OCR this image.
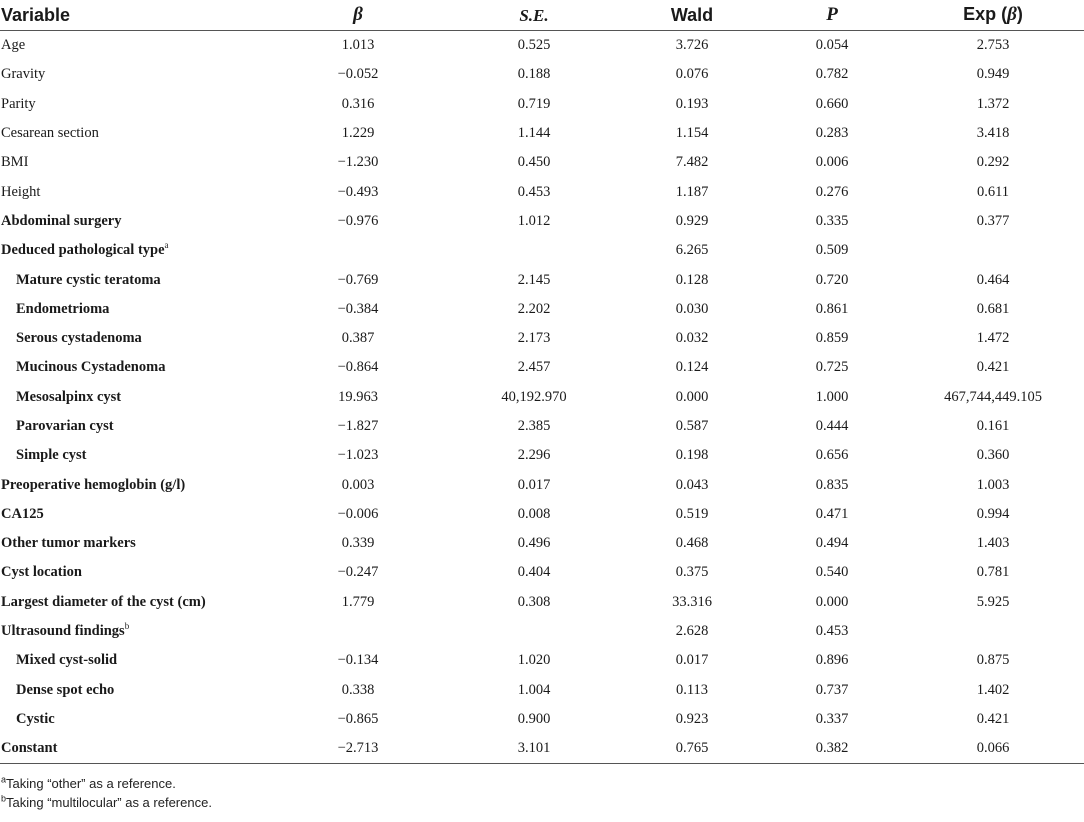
Variable	β	S.E.	Wald	P	Exp (β)
Age	1.013	0.525	3.726	0.054	2.753
Gravity	−0.052	0.188	0.076	0.782	0.949
Parity	0.316	0.719	0.193	0.660	1.372
Cesarean section	1.229	1.144	1.154	0.283	3.418
BMI	−1.230	0.450	7.482	0.006	0.292
Height	−0.493	0.453	1.187	0.276	0.611
Abdominal surgery	−0.976	1.012	0.929	0.335	0.377
Deduced pathological type$^a$			6.265	0.509	
Mature cystic teratoma	−0.769	2.145	0.128	0.720	0.464
Endometrioma	−0.384	2.202	0.030	0.861	0.681
Serous cystadenoma	0.387	2.173	0.032	0.859	1.472
Mucinous Cystadenoma	−0.864	2.457	0.124	0.725	0.421
Mesosalpinx cyst	19.963	40,192.970	0.000	1.000	467,744,449.105
Parovarian cyst	−1.827	2.385	0.587	0.444	0.161
Simple cyst	−1.023	2.296	0.198	0.656	0.360
Preoperative hemoglobin (g/l)	0.003	0.017	0.043	0.835	1.003
CA125	−0.006	0.008	0.519	0.471	0.994
Other tumor markers	0.339	0.496	0.468	0.494	1.403
Cyst location	−0.247	0.404	0.375	0.540	0.781
Largest diameter of the cyst (cm)	1.779	0.308	33.316	0.000	5.925
Ultrasound findings$^b$			2.628	0.453	
Mixed cyst-solid	−0.134	1.020	0.017	0.896	0.875
Dense spot echo	0.338	1.004	0.113	0.737	1.402
Cystic	−0.865	0.900	0.923	0.337	0.421
Constant	−2.713	3.101	0.765	0.382	0.066
$^a$Taking “other” as a reference.
$^b$Taking “multilocular” as a reference.
